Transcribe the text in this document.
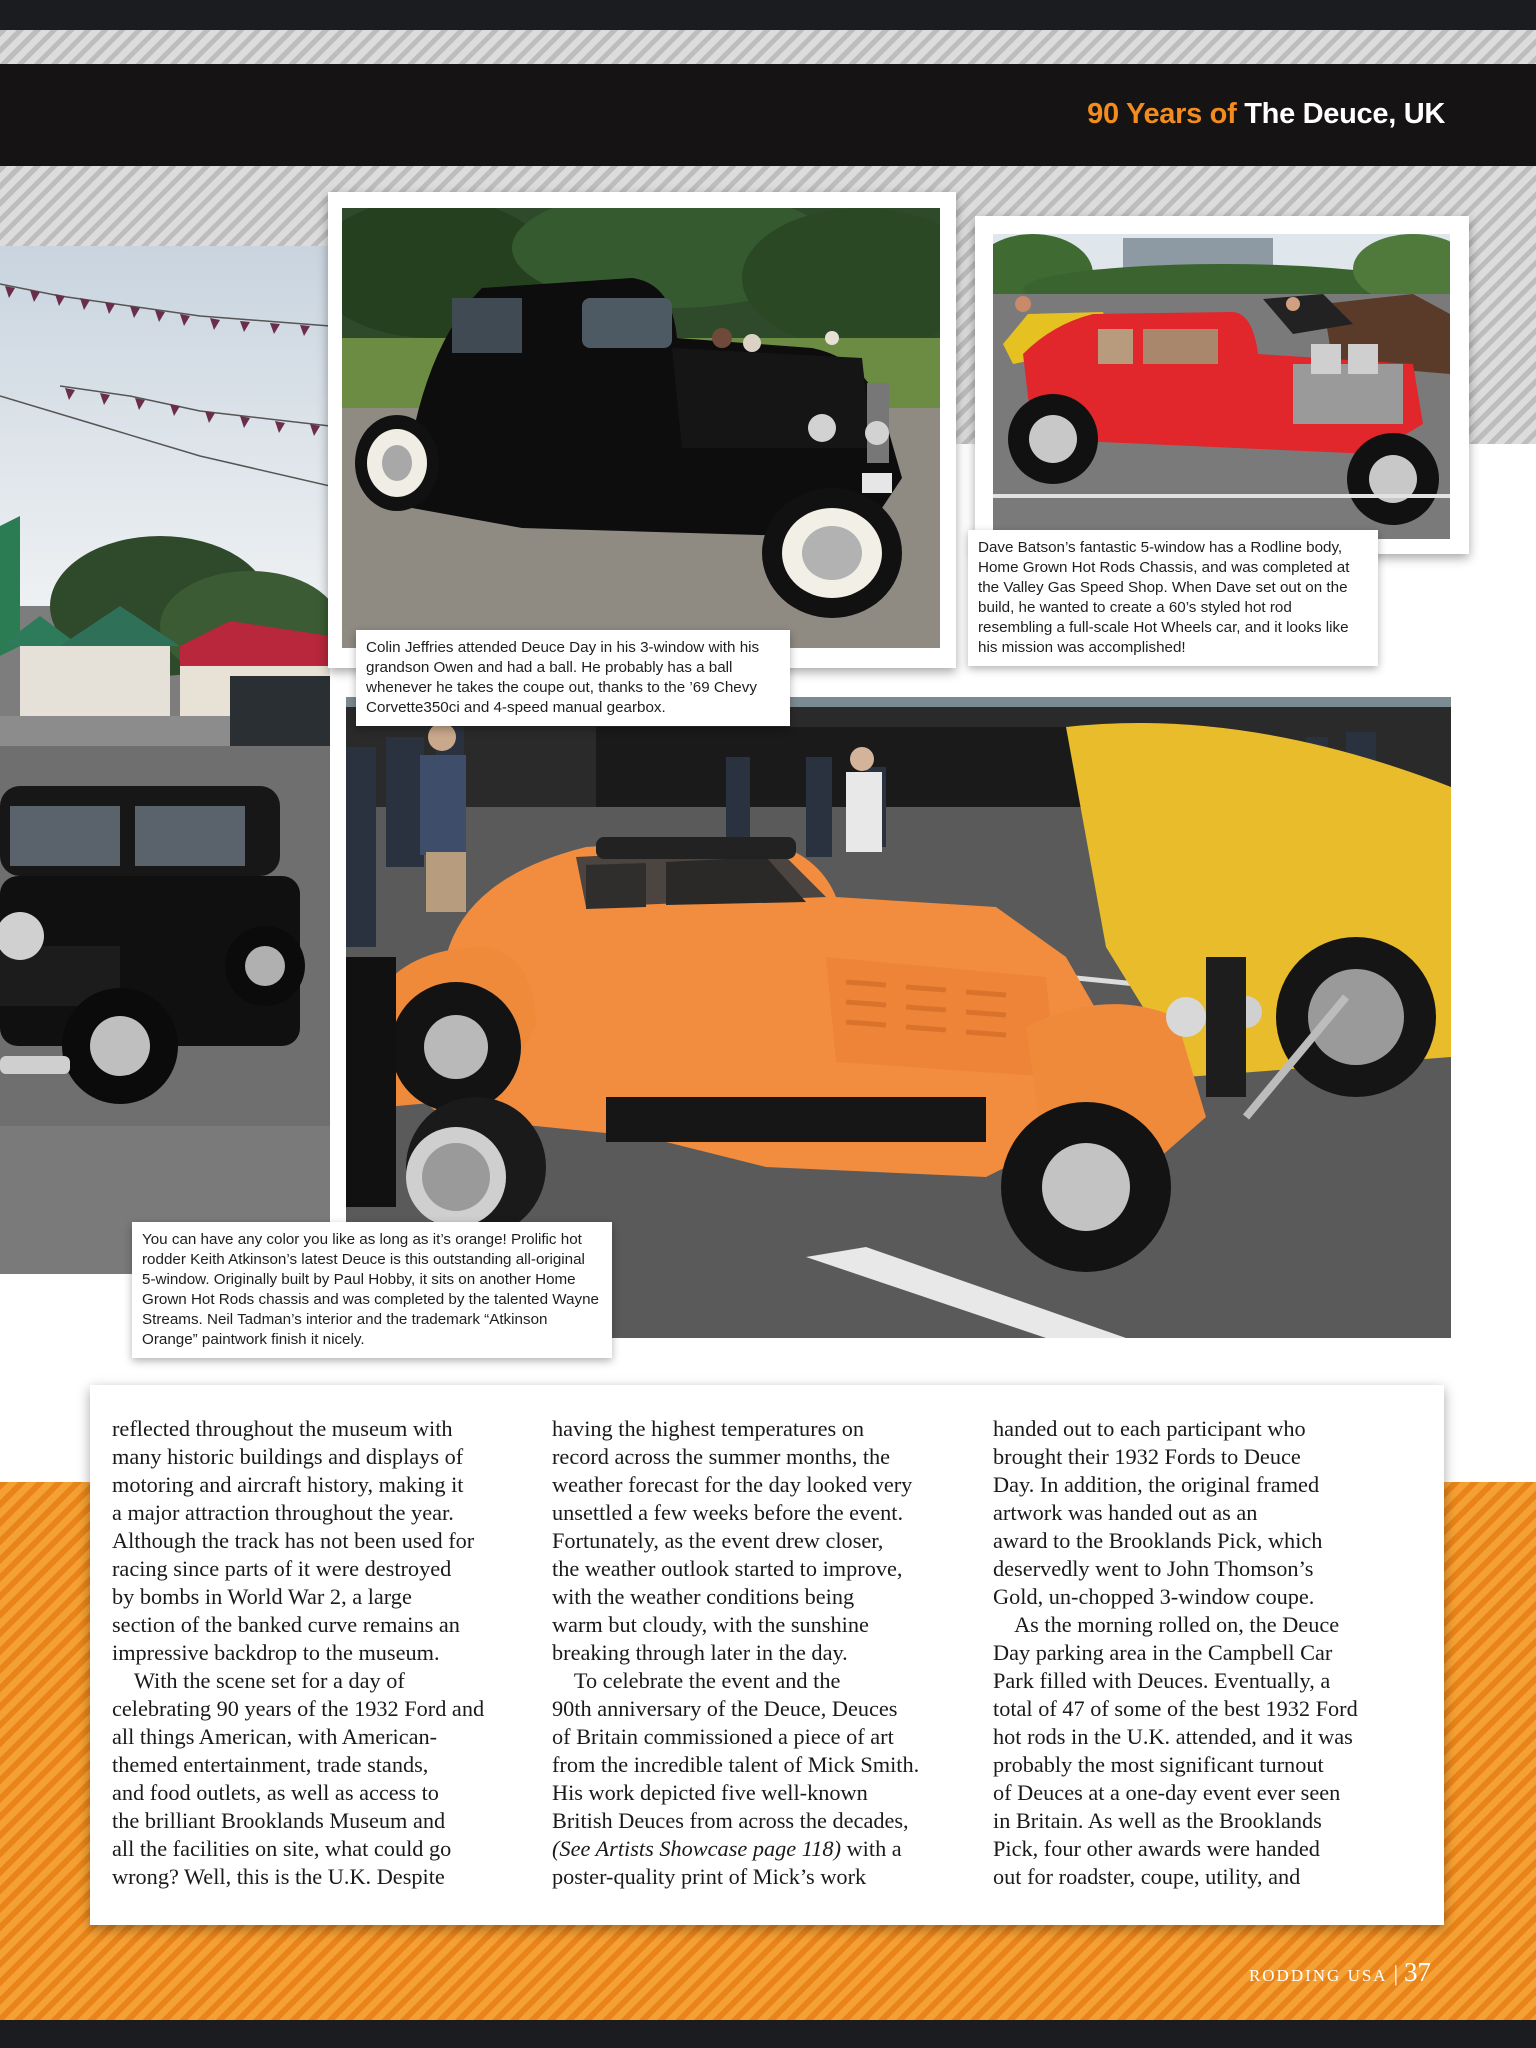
90 Years of The Deuce, UK
Colin Jeffries attended Deuce Day in his 3-window with his grandson Owen and had a ball. He probably has a ball whenever he takes the coupe out, thanks to the ’69 Chevy Corvette350ci and 4-speed manual gearbox.
Dave Batson’s fantastic 5-window has a Rodline body, Home Grown Hot Rods Chassis, and was completed at the Valley Gas Speed Shop. When Dave set out on the build, he wanted to create a 60’s styled hot rod resembling a full-scale Hot Wheels car, and it looks like his mission was accomplished!
You can have any color you like as long as it’s orange! Prolific hot rodder Keith Atkinson’s latest Deuce is this outstanding all-original 5-window. Originally built by Paul Hobby, it sits on another Home Grown Hot Rods chassis and was completed by the talented Wayne Streams. Neil Tadman’s interior and the trademark “Atkinson Orange” paintwork finish it nicely.
reflected throughout the museum with
many historic buildings and displays of
motoring and aircraft history, making it
a major attraction throughout the year.
Although the track has not been used for
racing since parts of it were destroyed
by bombs in World War 2, a large
section of the banked curve remains an
impressive backdrop to the museum.
With the scene set for a day of
celebrating 90 years of the 1932 Ford and
all things American, with American-
themed entertainment, trade stands,
and food outlets, as well as access to
the brilliant Brooklands Museum and
all the facilities on site, what could go
wrong? Well, this is the U.K. Despite
having the highest temperatures on
record across the summer months, the
weather forecast for the day looked very
unsettled a few weeks before the event.
Fortunately, as the event drew closer,
the weather outlook started to improve,
with the weather conditions being
warm but cloudy, with the sunshine
breaking through later in the day.
To celebrate the event and the
90th anniversary of the Deuce, Deuces
of Britain commissioned a piece of art
from the incredible talent of Mick Smith.
His work depicted five well-known
British Deuces from across the decades,
(See Artists Showcase page 118) with a
poster-quality print of Mick’s work
handed out to each participant who
brought their 1932 Fords to Deuce
Day. In addition, the original framed
artwork was handed out as an
award to the Brooklands Pick, which
deservedly went to John Thomson’s
Gold, un-chopped 3-window coupe.
As the morning rolled on, the Deuce
Day parking area in the Campbell Car
Park filled with Deuces. Eventually, a
total of 47 of some of the best 1932 Ford
hot rods in the U.K. attended, and it was
probably the most significant turnout
of Deuces at a one-day event ever seen
in Britain. As well as the Brooklands
Pick, four other awards were handed
out for roadster, coupe, utility, and
RODDING USA | 37
